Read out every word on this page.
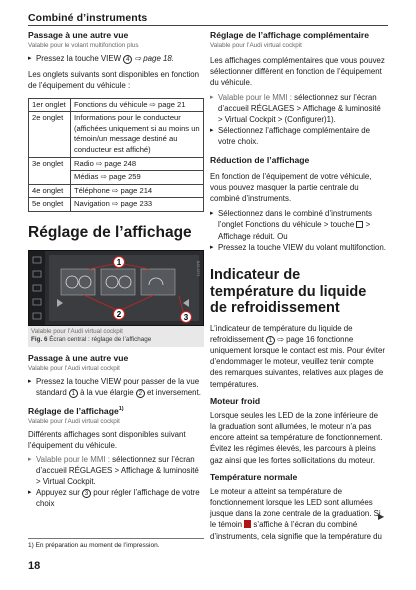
Combiné d’instruments
Passage à une autre vue
Valable pour le volant multifonction plus
▸ Pressez la touche VIEW 4 ⇨ page 18.
Les onglets suivants sont disponibles en fonction de l’équipement du véhicule :
1er onglet	Fonctions du véhicule ⇨ page 21
2e onglet	Informations pour le conducteur (affichées uniquement si au moins un témoin/un message destiné au conducteur est affiché)
3e onglet	Radio ⇨ page 248
	Médias ⇨ page 259
4e onglet	Téléphone ⇨ page 214
5e onglet	Navigation ⇨ page 233
Réglage de l’affichage
1
2	3
BAT-0373
Valable pour l’Audi virtual cockpit
Fig. 6 Écran central : réglage de l’affichage
Passage à une autre vue
Valable pour l’Audi virtual cockpit
▸ Pressez la touche VIEW pour passer de la vue standard 1 à la vue élargie 2 et inversement.
Réglage de l’affichage$^{1)}$
Valable pour l’Audi virtual cockpit
Différents affichages sont disponibles suivant l’équipement du véhicule.
▸ Valable pour le MMI : sélectionnez sur l’écran d’accueil RÉGLAGES > Affichage & luminosité > Virtual Cockpit.
▸ Appuyez sur 3 pour régler l’affichage de votre choix
Réglage de l’affichage complémentaire
Valable pour l’Audi virtual cockpit
Les affichages complémentaires que vous pouvez sélectionner diffèrent en fonction de l’équipement du véhicule.
▸ Valable pour le MMI : sélectionnez sur l’écran d’accueil RÉGLAGES > Affichage & luminosité > Virtual Cockpit > (Configurer)1).
▸ Sélectionnez l’affichage complémentaire de votre choix.
Réduction de l’affichage
En fonction de l’équipement de votre véhicule, vous pouvez masquer la partie centrale du combiné d’instruments.
▸ Sélectionnez dans le combiné d’instruments l’onglet Fonctions du véhicule > touche  > Affichage réduit. Ou
▸ Pressez la touche VIEW du volant multifonction.
Indicateur de température du liquide de refroidissement
L’indicateur de température du liquide de refroidissement 1 ⇨ page 16 fonctionne uniquement lorsque le contact est mis. Pour éviter d’endommager le moteur, veuillez tenir compte des remarques suivantes, relatives aux plages de températures.
Moteur froid
Lorsque seules les LED de la zone inférieure de la graduation sont allumées, le moteur n’a pas encore atteint sa température de fonctionnement. Évitez les régimes élevés, les parcours à pleins gaz ainsi que les fortes sollicitations du moteur.
Température normale
Le moteur a atteint sa température de fonctionnement lorsque les LED sont allumées jusque dans la zone centrale de la graduation. Si le témoin  s’affiche à l’écran du combiné d’instruments, cela signifie que la température du
▶
1) En préparation au moment de l’impression.
18
